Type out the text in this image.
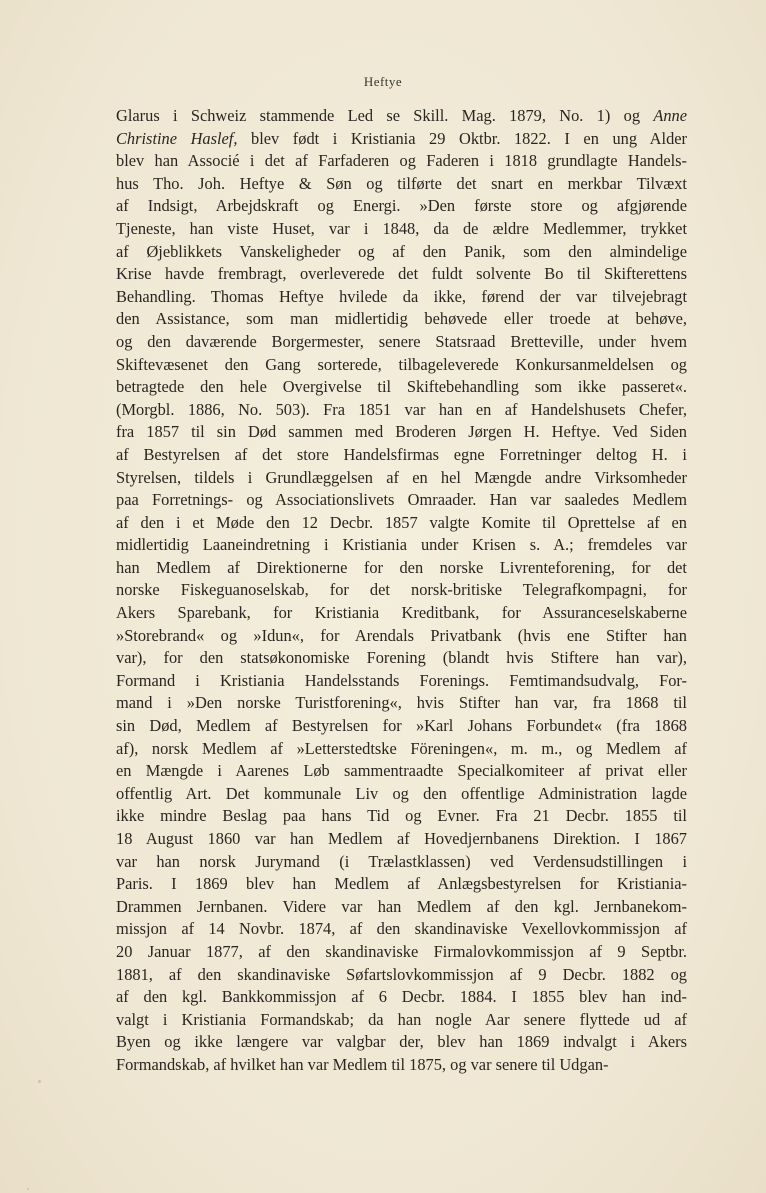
Heftye
Glarus i Schweiz stammende Led se Skill. Mag. 1879, No. 1) og Anne
Christine Haslef, blev født i Kristiania 29 Oktbr. 1822. I en ung Alder
blev han Associé i det af Farfaderen og Faderen i 1818 grundlagte Handels-
hus Tho. Joh. Heftye & Søn og tilførte det snart en merkbar Tilvæxt
af Indsigt, Arbejdskraft og Energi. »Den første store og afgjørende
Tjeneste, han viste Huset, var i 1848, da de ældre Medlemmer, trykket
af Øjeblikkets Vanskeligheder og af den Panik, som den almindelige
Krise havde frembragt, overleverede det fuldt solvente Bo til Skifterettens
Behandling. Thomas Heftye hvilede da ikke, førend der var tilvejebragt
den Assistance, som man midlertidig behøvede eller troede at behøve,
og den daværende Borgermester, senere Statsraad Bretteville, under hvem
Skiftevæsenet den Gang sorterede, tilbageleverede Konkursanmeldelsen og
betragtede den hele Overgivelse til Skiftebehandling som ikke passeret«.
(Morgbl. 1886, No. 503). Fra 1851 var han en af Handelshusets Chefer,
fra 1857 til sin Død sammen med Broderen Jørgen H. Heftye. Ved Siden
af Bestyrelsen af det store Handelsfirmas egne Forretninger deltog H. i
Styrelsen, tildels i Grundlæggelsen af en hel Mængde andre Virksomheder
paa Forretnings- og Associationslivets Omraader. Han var saaledes Medlem
af den i et Møde den 12 Decbr. 1857 valgte Komite til Oprettelse af en
midlertidig Laaneindretning i Kristiania under Krisen s. A.; fremdeles var
han Medlem af Direktionerne for den norske Livrenteforening, for det
norske Fiskeguanoselskab, for det norsk-britiske Telegrafkompagni, for
Akers Sparebank, for Kristiania Kreditbank, for Assuranceselskaberne
»Storebrand« og »Idun«, for Arendals Privatbank (hvis ene Stifter han
var), for den statsøkonomiske Forening (blandt hvis Stiftere han var),
Formand i Kristiania Handelsstands Forenings. Femtimandsudvalg, For-
mand i »Den norske Turistforening«, hvis Stifter han var, fra 1868 til
sin Død, Medlem af Bestyrelsen for »Karl Johans Forbundet« (fra 1868
af), norsk Medlem af »Letterstedtske Föreningen«, m. m., og Medlem af
en Mængde i Aarenes Løb sammentraadte Specialkomiteer af privat eller
offentlig Art. Det kommunale Liv og den offentlige Administration lagde
ikke mindre Beslag paa hans Tid og Evner. Fra 21 Decbr. 1855 til
18 August 1860 var han Medlem af Hovedjernbanens Direktion. I 1867
var han norsk Jurymand (i Trælastklassen) ved Verdensudstillingen i
Paris. I 1869 blev han Medlem af Anlægsbestyrelsen for Kristiania-
Drammen Jernbanen. Videre var han Medlem af den kgl. Jernbanekom-
missjon af 14 Novbr. 1874, af den skandinaviske Vexellovkommissjon af
20 Januar 1877, af den skandinaviske Firmalovkommissjon af 9 Septbr.
1881, af den skandinaviske Søfartslovkommissjon af 9 Decbr. 1882 og
af den kgl. Bankkommissjon af 6 Decbr. 1884. I 1855 blev han ind-
valgt i Kristiania Formandskab; da han nogle Aar senere flyttede ud af
Byen og ikke længere var valgbar der, blev han 1869 indvalgt i Akers
Formandskab, af hvilket han var Medlem til 1875, og var senere til Udgan-
